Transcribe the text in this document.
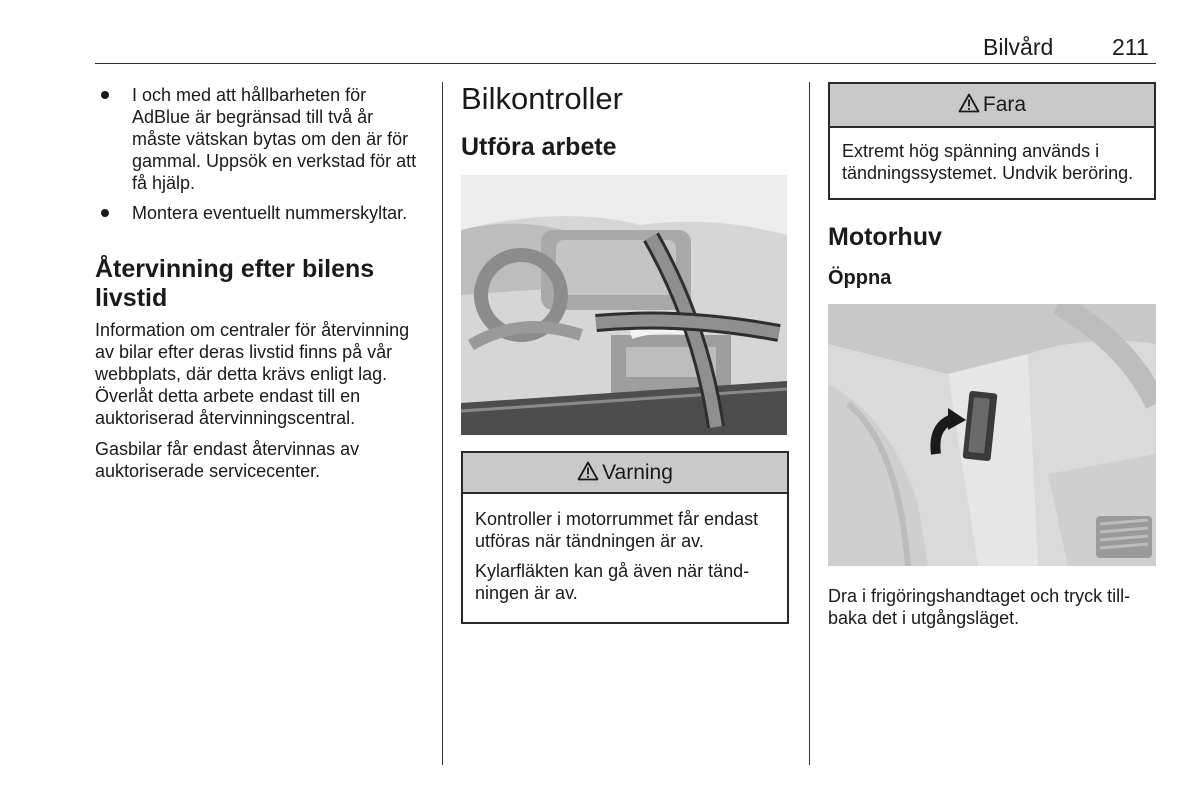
Bilvård	211
I och med att hållbarheten för AdBlue är begränsad till två år måste vätskan bytas om den är för gammal. Uppsök en verkstad för att få hjälp.
Montera eventuellt nummerskyltar.
Återvinning efter bilens livstid

Information om centraler för återvinning av bilar efter deras livstid finns på vår webbplats, där detta krävs enligt lag. Överlåt detta arbete endast till en auktoriserad återvinningscentral.

Gasbilar får endast återvinnas av auktoriserade servicecenter.

Bilkontroller
Utföra arbete
Varning

Kontroller i motorrummet får endast utföras när tändningen är av.

Kylarfläkten kan gå även när tändningen är av.

Fara

Extremt hög spänning används i tändningssystemet. Undvik beröring.

Motorhuv
Öppna

Dra i frigöringshandtaget och tryck tillbaka det i utgångsläget.
